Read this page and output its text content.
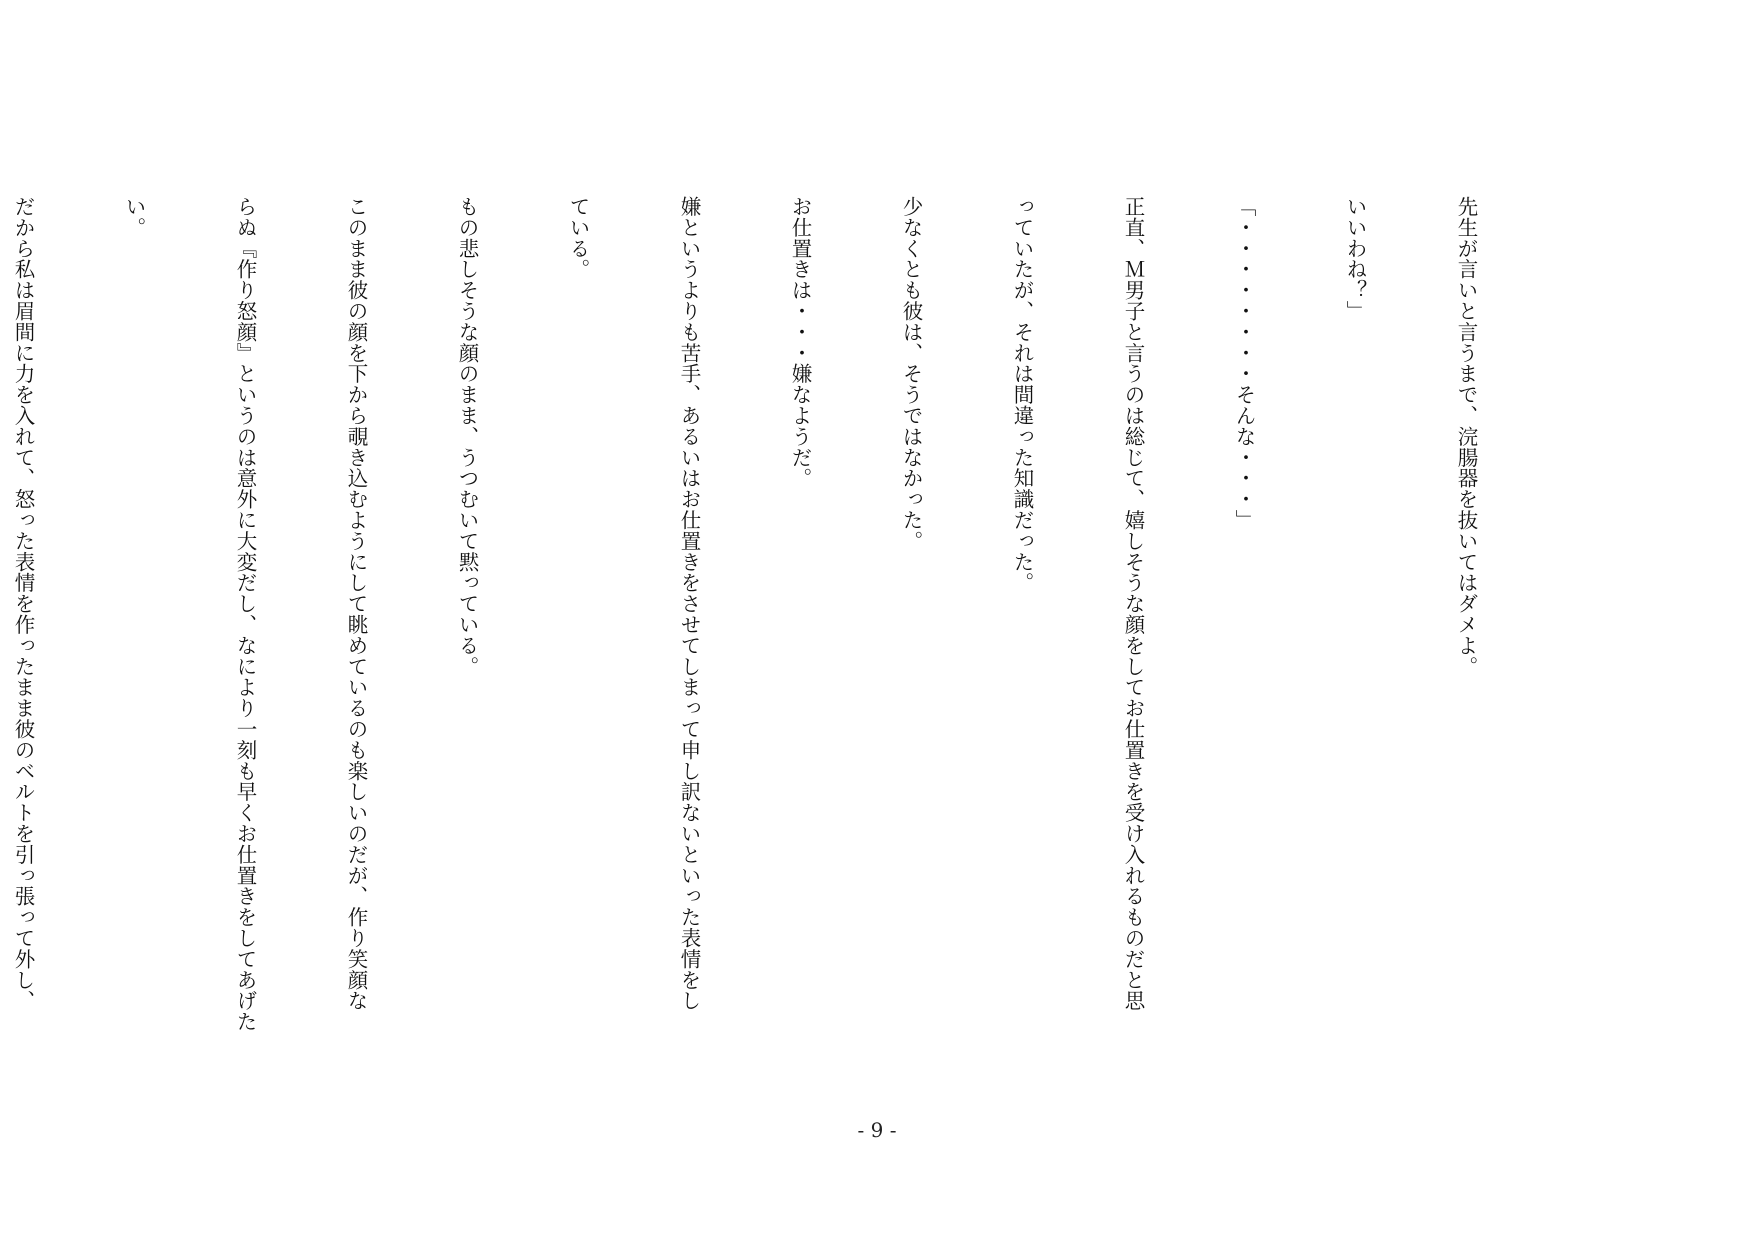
先生が言いと言うまで、浣腸器を抜いてはダメよ。

いいわね？」

「・・・・・・・・そんな・・・」

正直、Ｍ男子と言うのは総じて、嬉しそうな顔をしてお仕置きを受け入れるものだと思

っていたが、それは間違った知識だった。

少なくとも彼は、そうではなかった。

お仕置きは・・・嫌なようだ。

嫌というよりも苦手、あるいはお仕置きをさせてしまって申し訳ないといった表情をし

ている。

もの悲しそうな顔のまま、うつむいて黙っている。

このまま彼の顔を下から覗き込むようにして眺めているのも楽しいのだが、作り笑顔な

らぬ『作り怒顔』というのは意外に大変だし、なにより一刻も早くお仕置きをしてあげた

い。

だから私は眉間に力を入れて、怒った表情を作ったまま彼のベルトを引っ張って外し、

- 9 -
